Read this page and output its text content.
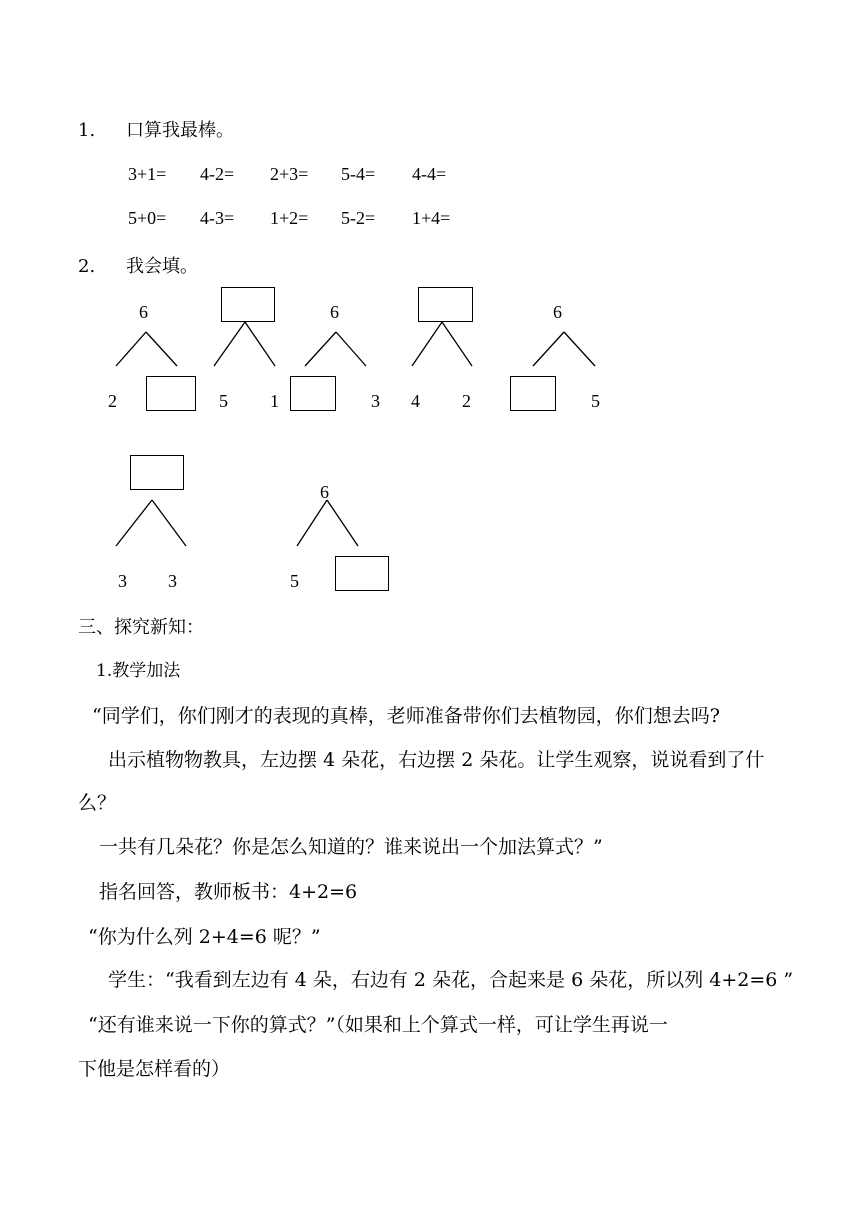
1. 口算我最棒。
3+1= 4-2= 2+3= 5-4= 4-4=
5+0= 4-3= 1+2= 5-2= 1+4=
2. 我会填。
6
2	5 1
6
3 4 2
6
5
3 3
6
5
三、探究新知：
1.教学加法
“同学们，你们刚才的表现的真棒，老师准备带你们去植物园，你们想去吗?
出示植物物教具，左边摆 4 朵花，右边摆 2 朵花。让学生观察，说说看到了什
么？
一共有几朵花？你是怎么知道的？谁来说出一个加法算式？”
指名回答，教师板书：4+2=6
“你为什么列 2+4=6 呢？”
学生：“我看到左边有 4 朵，右边有 2 朵花，合起来是 6 朵花，所以列 4+2=6 ”
“还有谁来说一下你的算式？”（如果和上个算式一样，可让学生再说一
下他是怎样看的）
